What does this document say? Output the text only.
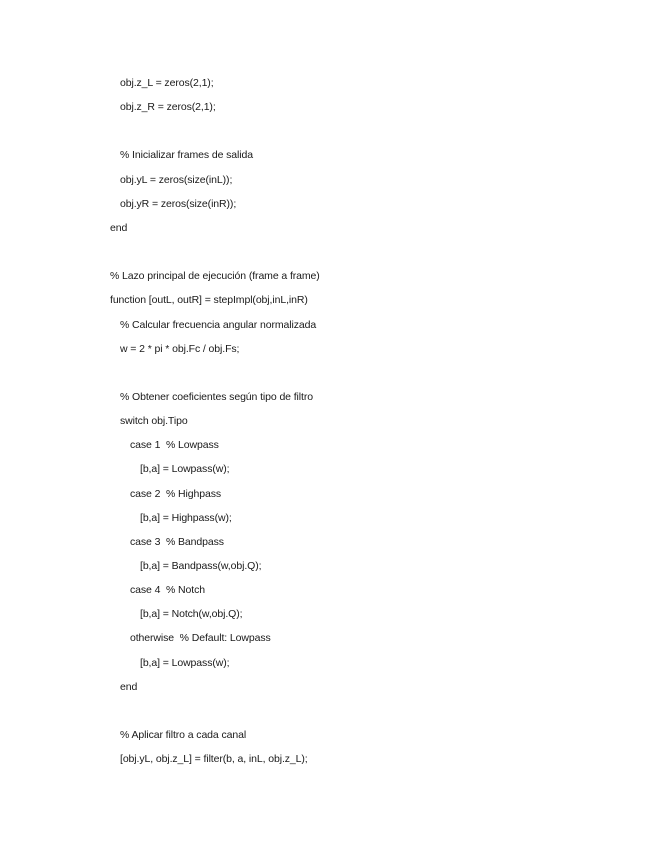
obj.z_L = zeros(2,1);
obj.z_R = zeros(2,1);
% Inicializar frames de salida
obj.yL = zeros(size(inL));
obj.yR = zeros(size(inR));
end
% Lazo principal de ejecución (frame a frame)
function [outL, outR] = stepImpl(obj,inL,inR)
% Calcular frecuencia angular normalizada
w = 2 * pi * obj.Fc / obj.Fs;
% Obtener coeficientes según tipo de filtro
switch obj.Tipo
case 1  % Lowpass
[b,a] = Lowpass(w);
case 2  % Highpass
[b,a] = Highpass(w);
case 3  % Bandpass
[b,a] = Bandpass(w,obj.Q);
case 4  % Notch
[b,a] = Notch(w,obj.Q);
otherwise  % Default: Lowpass
[b,a] = Lowpass(w);
end
% Aplicar filtro a cada canal
[obj.yL, obj.z_L] = filter(b, a, inL, obj.z_L);
